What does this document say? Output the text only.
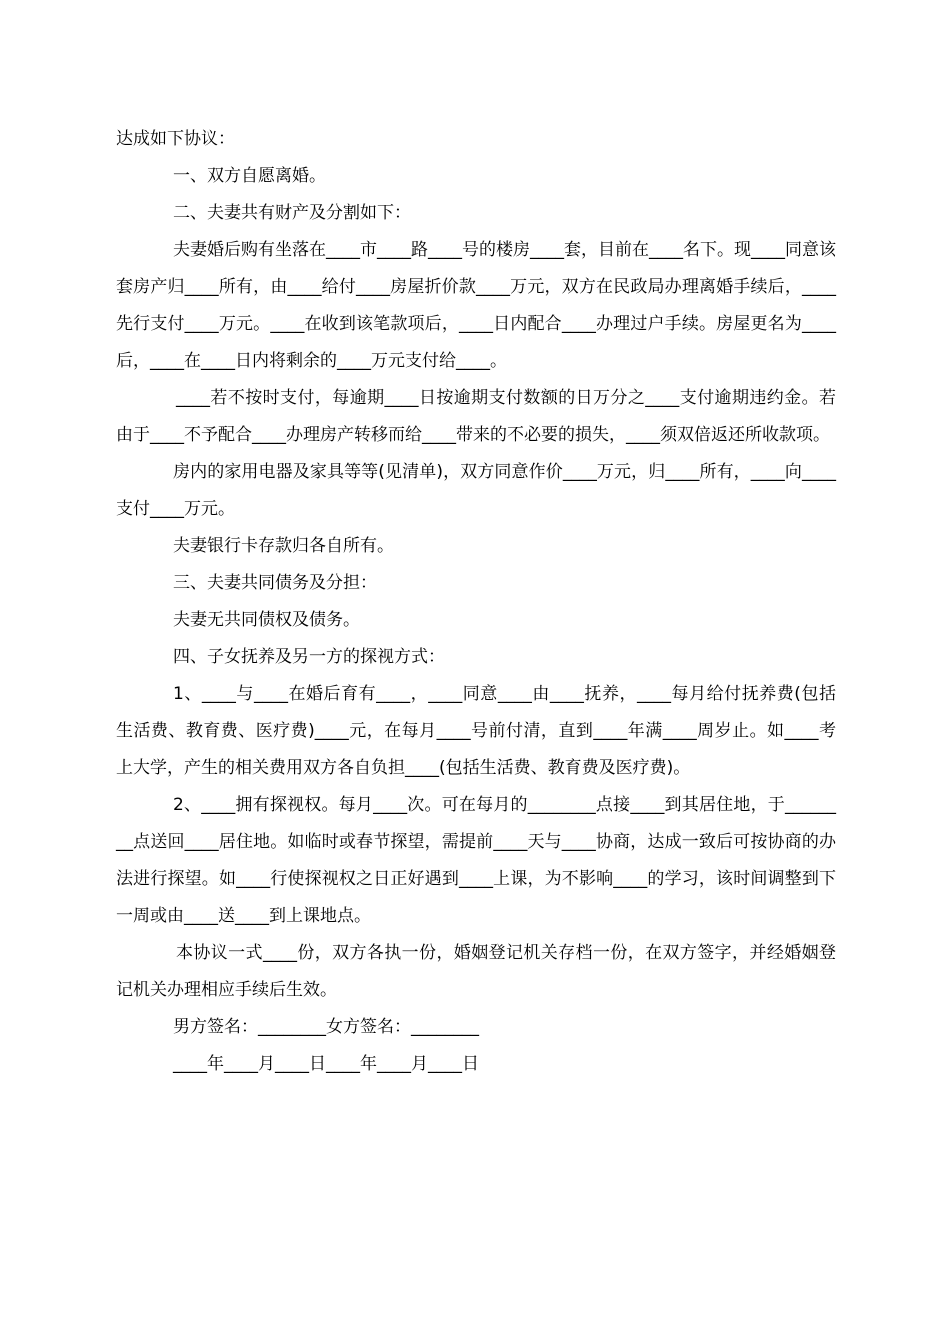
达成如下协议：

一、双方自愿离婚。

二、夫妻共有财产及分割如下：

夫妻婚后购有坐落在____市____路____号的楼房____套，目前在____名下。现____同意该套房产归____所有，由____给付____房屋折价款____万元，双方在民政局办理离婚手续后，____先行支付____万元。____在收到该笔款项后，____日内配合____办理过户手续。房屋更名为____后，____在____日内将剩余的____万元支付给____。

____若不按时支付，每逾期____日按逾期支付数额的日万分之____支付逾期违约金。若由于____不予配合____办理房产转移而给____带来的不必要的损失，____须双倍返还所收款项。

房内的家用电器及家具等等(见清单)，双方同意作价____万元，归____所有，____向____支付____万元。

夫妻银行卡存款归各自所有。

三、夫妻共同债务及分担：

夫妻无共同债权及债务。

四、子女抚养及另一方的探视方式：

1、____与____在婚后育有____，____同意____由____抚养，____每月给付抚养费(包括生活费、教育费、医疗费)____元，在每月____号前付清，直到____年满____周岁止。如____考上大学，产生的相关费用双方各自负担____(包括生活费、教育费及医疗费)。

2、____拥有探视权。每月____次。可在每月的________点接____到其居住地，于________点送回____居住地。如临时或春节探望，需提前____天与____协商，达成一致后可按协商的办法进行探望。如____行使探视权之日正好遇到____上课，为不影响____的学习，该时间调整到下一周或由____送____到上课地点。

本协议一式____份，双方各执一份，婚姻登记机关存档一份，在双方签字，并经婚姻登记机关办理相应手续后生效。

男方签名：________女方签名：________

____年____月____日____年____月____日
